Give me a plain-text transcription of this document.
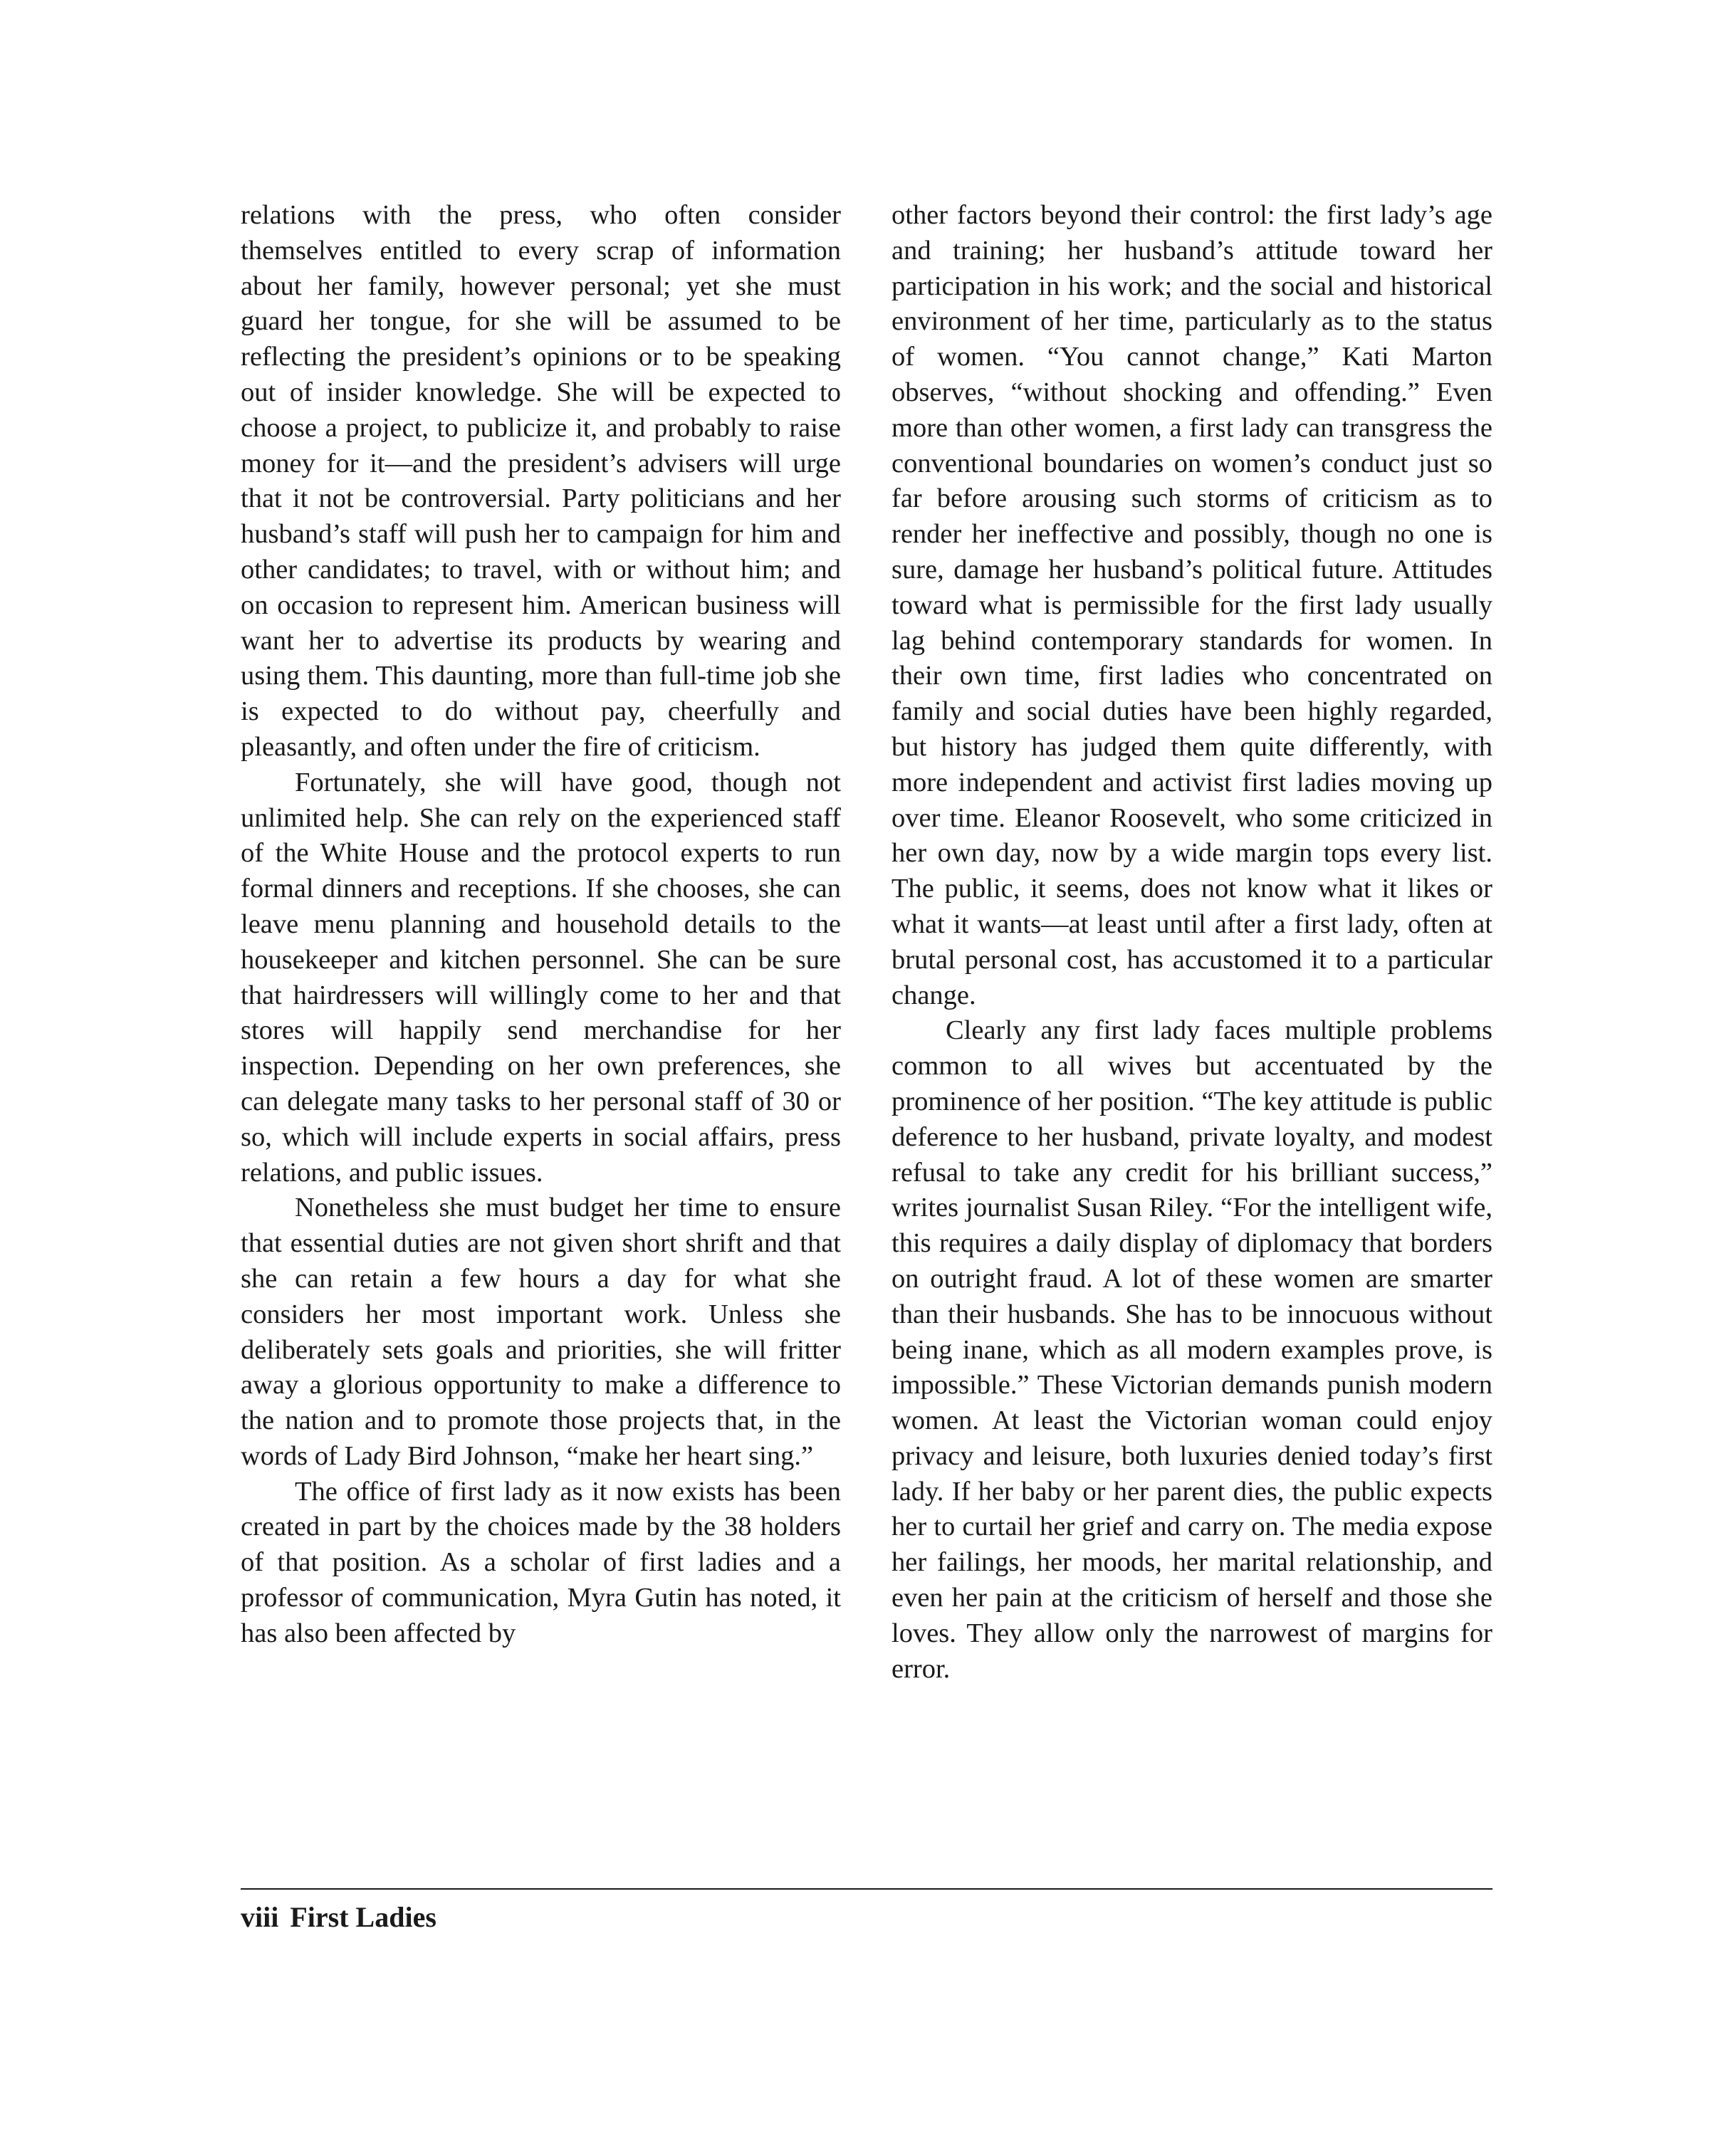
relations with the press, who often consider themselves entitled to every scrap of information about her family, however personal; yet she must guard her tongue, for she will be assumed to be reflecting the president’s opinions or to be speaking out of insider knowledge. She will be expected to choose a project, to publicize it, and probably to raise money for it—and the president’s advisers will urge that it not be controversial. Party politicians and her husband’s staff will push her to campaign for him and other candidates; to travel, with or without him; and on occasion to represent him. American business will want her to advertise its products by wearing and using them. This daunting, more than full-time job she is expected to do without pay, cheerfully and pleasantly, and often under the fire of criticism.

Fortunately, she will have good, though not unlimited help. She can rely on the experienced staff of the White House and the protocol experts to run formal dinners and receptions. If she chooses, she can leave menu planning and household details to the housekeeper and kitchen personnel. She can be sure that hairdressers will willingly come to her and that stores will happily send merchandise for her inspection. Depending on her own preferences, she can delegate many tasks to her personal staff of 30 or so, which will include experts in social affairs, press relations, and public issues.

Nonetheless she must budget her time to ensure that essential duties are not given short shrift and that she can retain a few hours a day for what she considers her most important work. Unless she deliberately sets goals and priorities, she will fritter away a glorious opportunity to make a difference to the nation and to promote those projects that, in the words of Lady Bird Johnson, “make her heart sing.”

The office of first lady as it now exists has been created in part by the choices made by the 38 holders of that position. As a scholar of first ladies and a professor of communication, Myra Gutin has noted, it has also been affected by

other factors beyond their control: the first lady’s age and training; her husband’s attitude toward her participation in his work; and the social and historical environment of her time, particularly as to the status of women. “You cannot change,” Kati Marton observes, “without shocking and offending.” Even more than other women, a first lady can transgress the conventional boundaries on women’s conduct just so far before arousing such storms of criticism as to render her ineffective and possibly, though no one is sure, damage her husband’s political future. Attitudes toward what is permissible for the first lady usually lag behind contemporary standards for women. In their own time, first ladies who concentrated on family and social duties have been highly regarded, but history has judged them quite differently, with more independent and activist first ladies moving up over time. Eleanor Roosevelt, who some criticized in her own day, now by a wide margin tops every list. The public, it seems, does not know what it likes or what it wants—at least until after a first lady, often at brutal personal cost, has accustomed it to a particular change.

Clearly any first lady faces multiple problems common to all wives but accentuated by the prominence of her position. “The key attitude is public deference to her husband, private loyalty, and modest refusal to take any credit for his brilliant success,” writes journalist Susan Riley. “For the intelligent wife, this requires a daily display of diplomacy that borders on outright fraud. A lot of these women are smarter than their husbands. She has to be innocuous without being inane, which as all modern examples prove, is impossible.” These Victorian demands punish modern women. At least the Victorian woman could enjoy privacy and leisure, both luxuries denied today’s first lady. If her baby or her parent dies, the public expects her to curtail her grief and carry on. The media expose her failings, her moods, her marital relationship, and even her pain at the criticism of herself and those she loves. They allow only the narrowest of margins for error.

viii First Ladies
